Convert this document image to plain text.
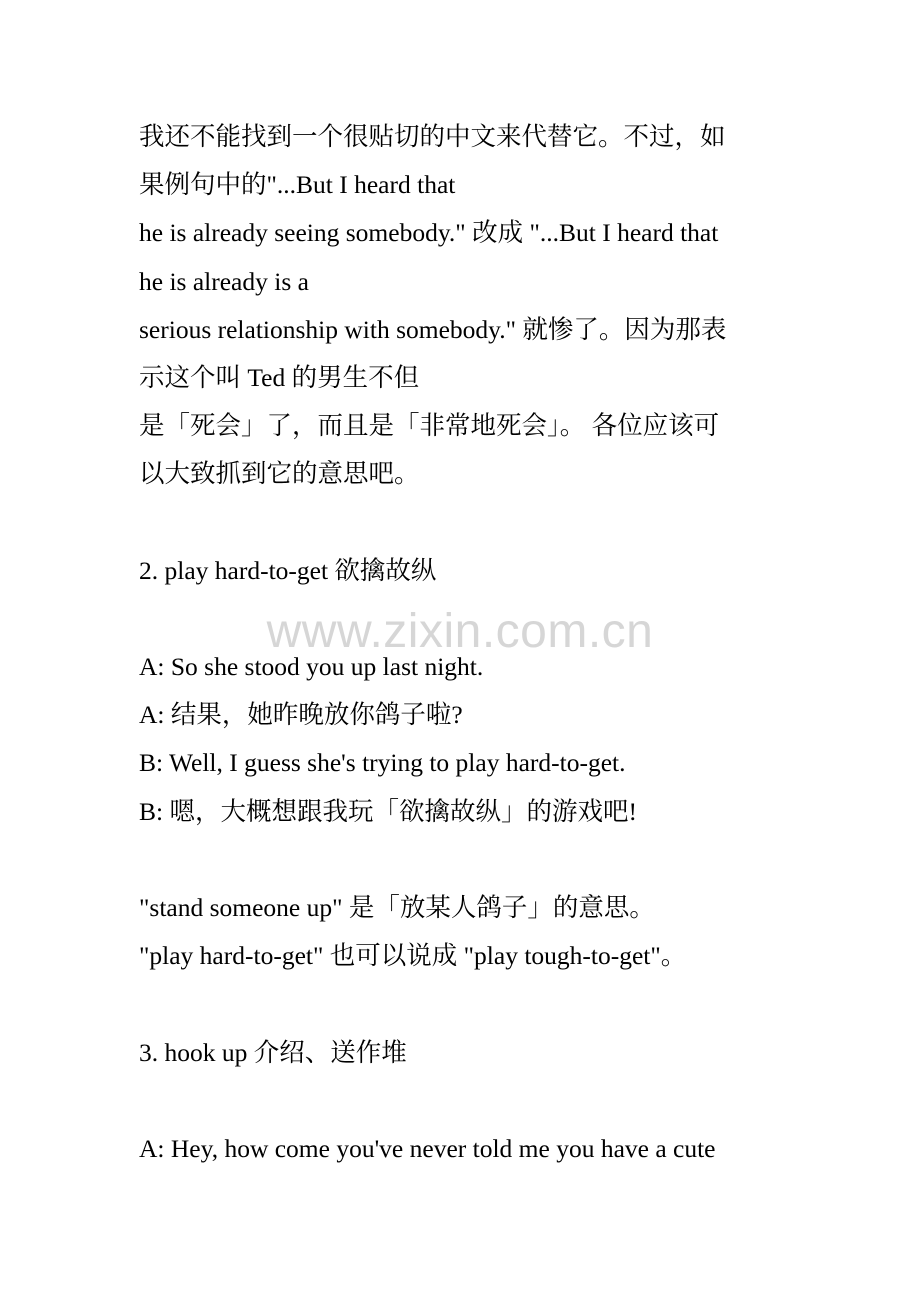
我还不能找到一个很贴切的中文来代替它。不过，如
果例句中的"...But I heard that
he is already seeing somebody." 改成 "...But I heard that
he is already is a
serious relationship with somebody." 就惨了。因为那表
示这个叫 Ted 的男生不但
是「死会」了，而且是「非常地死会」。 各位应该可
以大致抓到它的意思吧。
2. play hard-to-get 欲擒故纵
A: So she stood you up last night.
A: 结果，她昨晚放你鸽子啦?
B: Well, I guess she's trying to play hard-to-get.
B: 嗯，大概想跟我玩「欲擒故纵」的游戏吧!
"stand someone up" 是「放某人鸽子」的意思。
"play hard-to-get" 也可以说成 "play tough-to-get"。
3. hook up 介绍、送作堆
A: Hey, how come you've never told me you have a cute
www.zixin.com.cn
